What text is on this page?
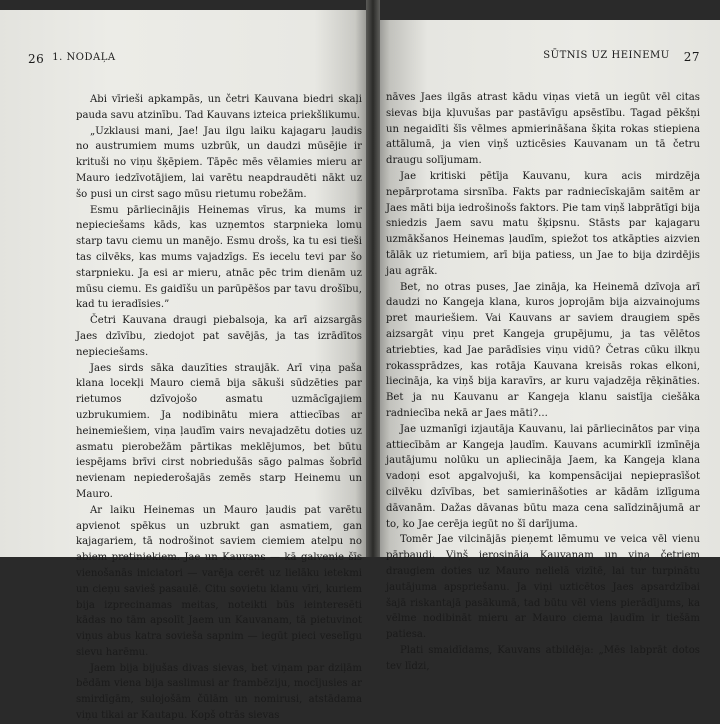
26 1. NODAĻA

Abi vīrieši apkampās, un četri Kauvana biedri skaļi pauda savu atzinību. Tad Kauvans izteica priekšlikumu.

„Uzklausi mani, Jae! Jau ilgu laiku kajagaru ļaudis no austrumiem mums uzbrūk, un daudzi mūsējie ir krituši no viņu šķēpiem. Tāpēc mēs vēlamies mieru ar Mauro iedzīvotājiem, lai varētu neapdraudēti nākt uz šo pusi un cirst sago mūsu rietumu robežām.

Esmu pārliecinājis Heinemas vīrus, ka mums ir nepieciešams kāds, kas uzņemtos starpnieka lomu starp tavu ciemu un manējo. Esmu drošs, ka tu esi tieši tas cilvēks, kas mums vajadzīgs. Es iecelu tevi par šo starpnieku. Ja esi ar mieru, atnāc pēc trim dienām uz mūsu ciemu. Es gaidīšu un parūpēšos par tavu drošību, kad tu ieradīsies.”

Četri Kauvana draugi piebalsoja, ka arī aizsargās Jaes dzīvību, ziedojot pat savējās, ja tas izrādītos nepieciešams.

Jaes sirds sāka dauzīties straujāk. Arī viņa paša klana locekļi Mauro ciemā bija sākuši sūdzēties par rietumos dzīvojošo asmatu uzmācīgajiem uzbrukumiem. Ja nodibinātu miera attiecības ar heinemiešiem, viņa ļaudīm vairs nevajadzētu doties uz asmatu pierobežām pārtikas meklējumos, bet būtu iespējams brīvi cirst nobriedušās sāgo palmas šobrīd nevienam nepiederošajās zemēs starp Heinemu un Mauro.

Ar laiku Heinemas un Mauro ļaudis pat varētu apvienot spēkus un uzbrukt gan asmatiem, gan kajagariem, tā nodrošinot saviem ciemiem atelpu no abiem pretiniekiem. Jae un Kauvans — kā galvenie šīs vienošanās iniciatori — varēja cerēt uz lielāku ietekmi un cieņu savieš pasaulē. Citu sovietu klanu vīri, kuriem bija izprecinamas meitas, noteikti būs ieinteresēti kādas no tām apsolīt Jaem un Kauvanam, tā pietuvinot viņus abus katra sovieša sapnim — iegūt pieci veselīgu sievu harēmu.

Jaem bija bijušas divas sievas, bet viņam par dziļām bēdām viena bija saslimusi ar frambēziju, mocījusies ar smirdīgām, sulojošām čūlām un nomirusi, atstādama viņu tikai ar Kautapu. Kopš otrās sievas

SŪTNIS UZ HEINEMU 27

nāves Jaes ilgās atrast kādu viņas vietā un iegūt vēl citas sievas bija kļuvušas par pastāvīgu apsēstību. Tagad pēkšņi un negaidīti šīs vēlmes apmierināšana šķita rokas stiepiena attālumā, ja vien viņš uzticēsies Kauvanam un tā četru draugu solījumam.

Jae kritiski pētīja Kauvanu, kura acis mirdzēja nepārprotama sirsnība. Fakts par radniecīskajām saitēm ar Jaes māti bija iedrošinošs faktors. Pie tam viņš labprātīgi bija sniedzis Jaem savu matu šķipsnu. Stāsts par kajagaru uzmākšanos Heinemas ļaudīm, spiežot tos atkāpties aizvien tālāk uz rietumiem, arī bija patiess, un Jae to bija dzirdējis jau agrāk.

Bet, no otras puses, Jae zināja, ka Heinemā dzīvoja arī daudzi no Kangeja klana, kuros joprojām bija aizvainojums pret mauriešiem. Vai Kauvans ar saviem draugiem spēs aizsargāt viņu pret Kangeja grupējumu, ja tas vēlētos atriebties, kad Jae parādīsies viņu vidū? Četras cūku ilkņu rokassprādzes, kas rotāja Kauvana kreisās rokas elkoni, liecināja, ka viņš bija karavīrs, ar kuru vajadzēja rēķināties. Bet ja nu Kauvanu ar Kangeja klanu saistīja ciešāka radniecība nekā ar Jaes māti?...

Jae uzmanīgi izjautāja Kauvanu, lai pārliecinātos par viņa attiecībām ar Kangeja ļaudīm. Kauvans acumirklī izmīnēja jautājumu nolūku un apliecināja Jaem, ka Kangeja klana vadoņi esot apgalvojuši, ka kompensācijai nepieprasīšot cilvēku dzīvības, bet samierināšoties ar kādām izlīguma dāvanām. Dažas dāvanas būtu maza cena salīdzinājumā ar to, ko Jae cerēja iegūt no šī darījuma.

Tomēr Jae vilcinājās pieņemt lēmumu ve veica vēl vienu pārbaudi. Viņš ierosināja Kauvanam un viņa četriem draugiem doties uz Mauro nelielā vizītē, lai tur turpinātu jautājuma apspriešanu. Ja viņi uzticētos Jaes apsardzībai šajā riskantajā pasākumā, tad būtu vēl viens pierādījums, ka vēlme nodibināt mieru ar Mauro ciema ļaudīm ir tiešām patiesa.

Plati smaidīdams, Kauvans atbildēja: „Mēs labprāt dotos tev līdzi,
